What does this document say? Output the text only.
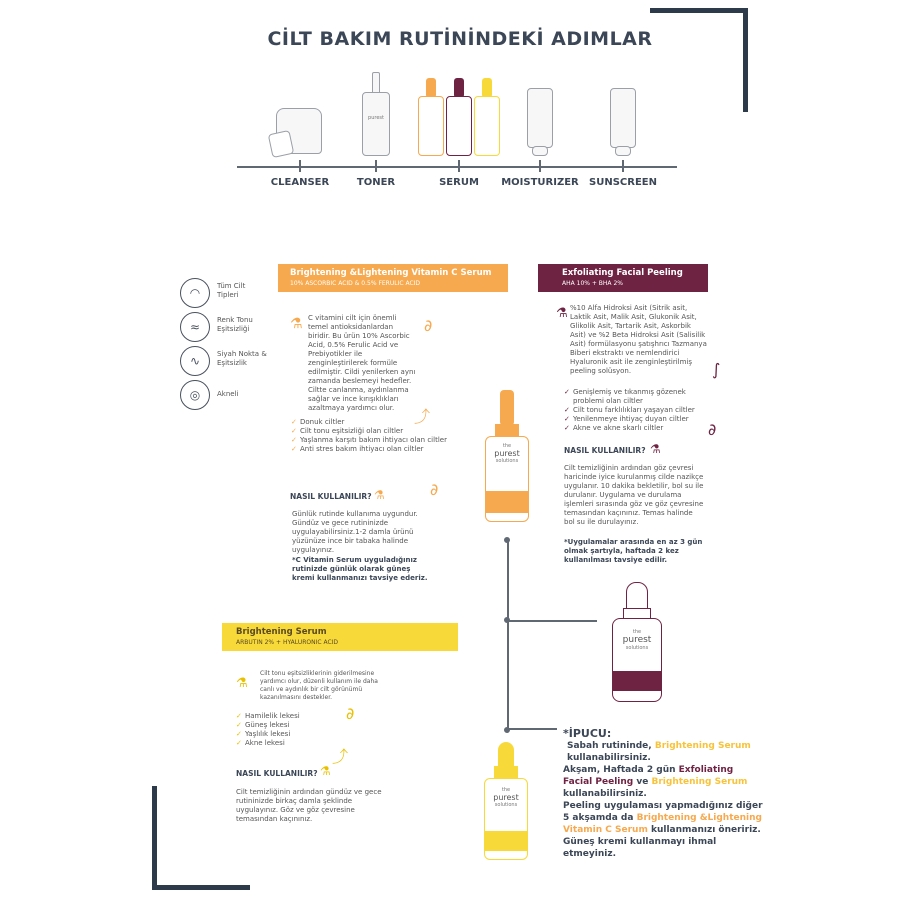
CİLT BAKIM RUTİNİNDEKİ ADIMLAR
purest
CLEANSER	TONER	SERUM	MOISTURIZER	SUNSCREEN
◠	Tüm Cilt Tipleri
≈	Renk Tonu Eşitsizliği
∿	Siyah Nokta & Eşitsizlik
◎	Akneli
Brightening &Lightening Vitamin C Serum
10% ASCORBIC ACID & 0.5% FERULIC ACID
⚗ C vitamini cilt için önemli temel antioksidanlardan biridir. Bu ürün 10% Ascorbic Acid, 0.5% Ferulic Acid ve Prebiyotikler ile zenginleştirilerek formüle edilmiştir. Cildi yenilerken aynı zamanda beslemeyi hedefler. Ciltte canlanma, aydınlanma sağlar ve ince kırışıklıkları azaltmaya yardımcı olur.
∂
⤴
✓ Donuk ciltler
✓ Cilt tonu eşitsizliği olan ciltler
✓ Yaşlanma karşıtı bakım ihtiyacı olan ciltler
✓ Anti stres bakım ihtiyacı olan ciltler
NASIL KULLANILIR? ⚗	∂
Günlük rutinde kullanıma uygundur. Gündüz ve gece rutininizde uygulayabilirsiniz.1-2 damla ürünü yüzünüze ince bir tabaka halinde uygulayınız.
*C Vitamin Serum uyguladığınız rutinizde günlük olarak güneş kremi kullanmanızı tavsiye ederiz.
the
purest
solutions
Exfoliating Facial Peeling
AHA 10% + BHA 2%
⚗ %10 Alfa Hidroksi Asit (Sitrik asit, Laktik Asit, Malik Asit, Glukonik Asit, Glikolik Asit, Tartarik Asit, Askorbik Asit) ve %2 Beta Hidroksi Asit (Salisilik Asit) formülasyonu şatışhrıcı Tazmanya Biberi ekstraktı ve nemlendirici Hyaluronik asit ile zenginleştirilmiş peeling solüsyon.	∫
✓ Genişlemiş ve tıkanmış gözenek problemi olan ciltler
✓ Cilt tonu farklılıkları yaşayan ciltler
✓ Yenilenmeye ihtiyaç duyan ciltler
✓ Akne ve akne skarlı ciltler	∂
NASIL KULLANILIR? ⚗
Cilt temizliğinin ardından göz çevresi haricinde iyice kurulanmış cilde nazikçe uygulanır. 10 dakika bekletilir, bol su ile durulanır. Uygulama ve durulama işlemleri sırasında göz ve göz çevresine temasından kaçınınız. Temas halinde bol su ile durulayınız.
*Uygulamalar arasında en az 3 gün olmak şartıyla, haftada 2 kez kullanılması tavsiye edilir.
the
purest
solutions
Brightening Serum
ARBUTIN 2% + HYALURONIC ACID
⚗
Cilt tonu eşitsizliklerinin giderilmesine yardımcı olur, düzenli kullanım ile daha canlı ve aydınlık bir cilt görünümü kazanılmasını destekler.
✓ Hamilelik lekesi
✓ Güneş lekesi
✓ Yaşlılık lekesi
✓ Akne lekesi
∂
⤴
NASIL KULLANILIR? ⚗
Cilt temizliğinin ardından gündüz ve gece rutininizde birkaç damla şeklinde uygulayınız. Göz ve göz çevresine temasından kaçınınız.
the
purest
solutions
*İPUCU:
Sabah rutininde, Brightening Serum kullanabilirsiniz.
Akşam, Haftada 2 gün Exfoliating Facial Peeling ve Brightening Serum kullanabilirsiniz.
Peeling uygulaması yapmadığınız diğer 5 akşamda da Brightening &Lightening Vitamin C Serum kullanmanızı öneririz. Güneş kremi kullanmayı ihmal etmeyiniz.
